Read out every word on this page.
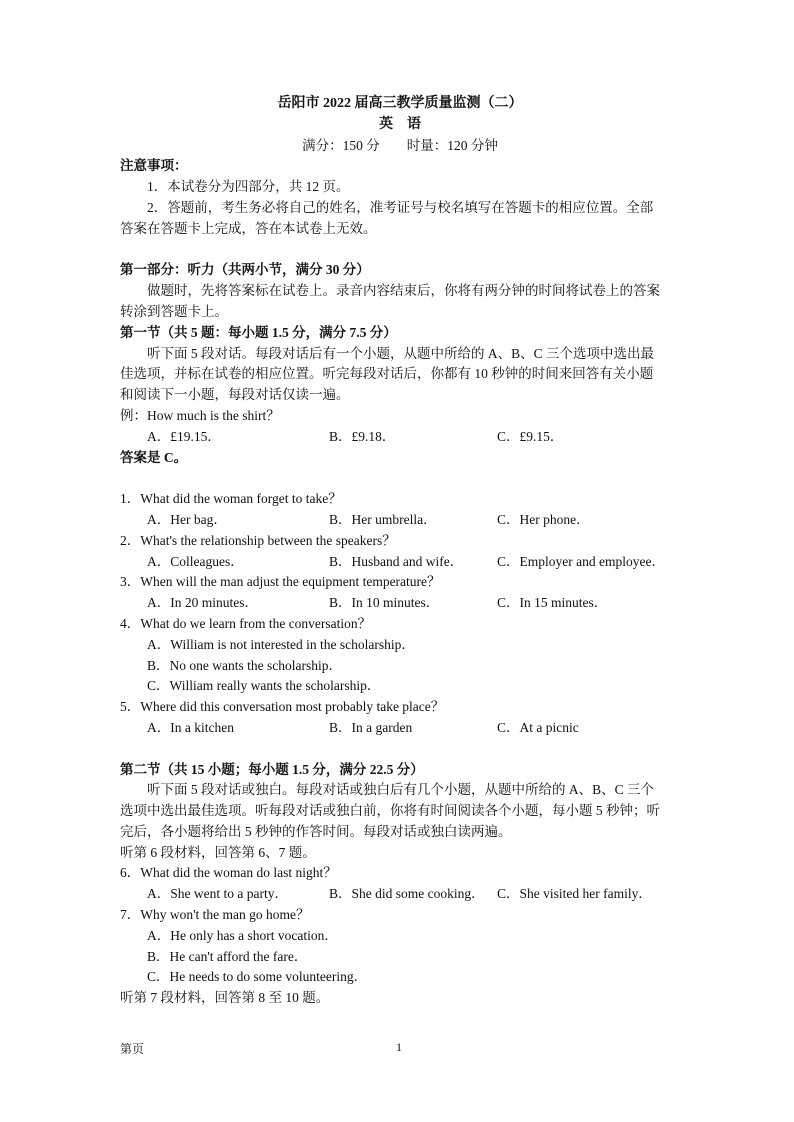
岳阳市 2022 届高三教学质量监测（二）
英　语
满分：150 分　　时量：120 分钟
注意事项：
1．本试卷分为四部分，共 12 页。
2．答题前，考生务必将自己的姓名，准考证号与校名填写在答题卡的相应位置。全部
答案在答题卡上完成，答在本试卷上无效。
第一部分：听力（共两小节，满分 30 分）
做题时，先将答案标在试卷上。录音内容结束后，你将有两分钟的时间将试卷上的答案
转涂到答题卡上。
第一节（共 5 题：每小题 1.5 分，满分 7.5 分）
听下面 5 段对话。每段对话后有一个小题，从题中所给的 A、B、C 三个选项中选出最
佳选项，并标在试卷的相应位置。听完每段对话后，你都有 10 秒钟的时间来回答有关小题
和阅读下一小题，每段对话仅读一遍。
例：How much is the shirt？
A．£19.15．	B．£9.18．	C．£9.15．
答案是 C。
1．What did the woman forget to take？
A．Her bag．	B．Her umbrella．	C．Her phone．
2．What's the relationship between the speakers？
A．Colleagues．	B．Husband and wife．	C．Employer and employee．
3．When will the man adjust the equipment temperature？
A．In 20 minutes．	B．In 10 minutes．	C．In 15 minutes．
4．What do we learn from the conversation？
A．William is not interested in the scholarship．
B．No one wants the scholarship．
C．William really wants the scholarship．
5．Where did this conversation most probably take place？
A．In a kitchen	B．In a garden	C．At a picnic
第二节（共 15 小题；每小题 1.5 分，满分 22.5 分）
听下面 5 段对话或独白。每段对话或独白后有几个小题，从题中所给的 A、B、C 三个
选项中选出最佳选项。听每段对话或独白前，你将有时间阅读各个小题，每小题 5 秒钟；听
完后，各小题将给出 5 秒钟的作答时间。每段对话或独白读两遍。
听第 6 段材料，回答第 6、7 题。
6．What did the woman do last night？
A．She went to a party．	B．She did some cooking． C．She visited her family．
7．Why won't the man go home？
A．He only has a short vocation．
B．He can't afford the fare．
C．He needs to do some volunteering．
听第 7 段材料，回答第 8 至 10 题。
第页	1
